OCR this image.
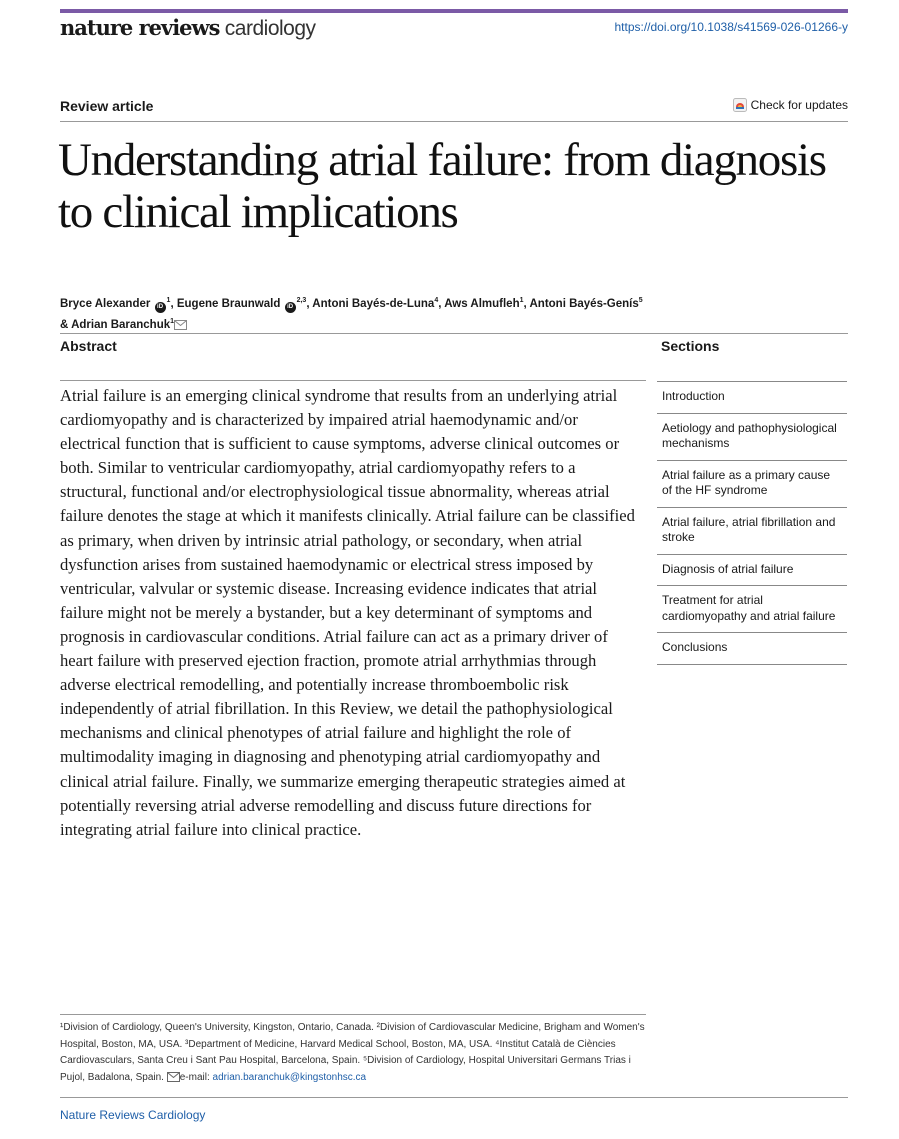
nature reviews cardiology	https://doi.org/10.1038/s41569-026-01266-y
Review article	Check for updates
Understanding atrial failure: from diagnosis to clinical implications
Bryce Alexander $iD^1$, Eugene Braunwald iD$^{2,3}$, Antoni Bayés-de-Luna$^4$, Aws Almufleh$^1$, Antoni Bayés-Genís$^5$
& Adrian Baranchuk$^1$
Abstract

Atrial failure is an emerging clinical syndrome that results from an underlying atrial cardiomyopathy and is characterized by impaired atrial haemodynamic and/or electrical function that is sufficient to cause symptoms, adverse clinical outcomes or both. Similar to ventricular cardiomyopathy, atrial cardiomyopathy refers to a structural, functional and/or electrophysiological tissue abnormality, whereas atrial failure denotes the stage at which it manifests clinically. Atrial failure can be classified as primary, when driven by intrinsic atrial pathology, or secondary, when atrial dysfunction arises from sustained haemodynamic or electrical stress imposed by ventricular, valvular or systemic disease. Increasing evidence indicates that atrial failure might not be merely a bystander, but a key determinant of symptoms and prognosis in cardiovascular conditions. Atrial failure can act as a primary driver of heart failure with preserved ejection fraction, promote atrial arrhythmias through adverse electrical remodelling, and potentially increase thromboembolic risk independently of atrial fibrillation. In this Review, we detail the pathophysiological mechanisms and clinical phenotypes of atrial failure and highlight the role of multimodality imaging in diagnosing and phenotyping atrial cardiomyopathy and clinical atrial failure. Finally, we summarize emerging therapeutic strategies aimed at potentially reversing atrial adverse remodelling and discuss future directions for integrating atrial failure into clinical practice.

Sections
Introduction
Aetiology and pathophysiological mechanisms
Atrial failure as a primary cause of the HF syndrome
Atrial failure, atrial fibrillation and stroke
Diagnosis of atrial failure
Treatment for atrial cardiomyopathy and atrial failure
Conclusions
¹Division of Cardiology, Queen's University, Kingston, Ontario, Canada. ²Division of Cardiovascular Medicine, Brigham and Women's Hospital, Boston, MA, USA. ³Department of Medicine, Harvard Medical School, Boston, MA, USA. ⁴Institut Català de Ciències Cardiovasculars, Santa Creu i Sant Pau Hospital, Barcelona, Spain. ⁵Division of Cardiology, Hospital Universitari Germans Trias i Pujol, Badalona, Spain. e-mail: adrian.baranchuk@kingstonhsc.ca
Nature Reviews Cardiology
